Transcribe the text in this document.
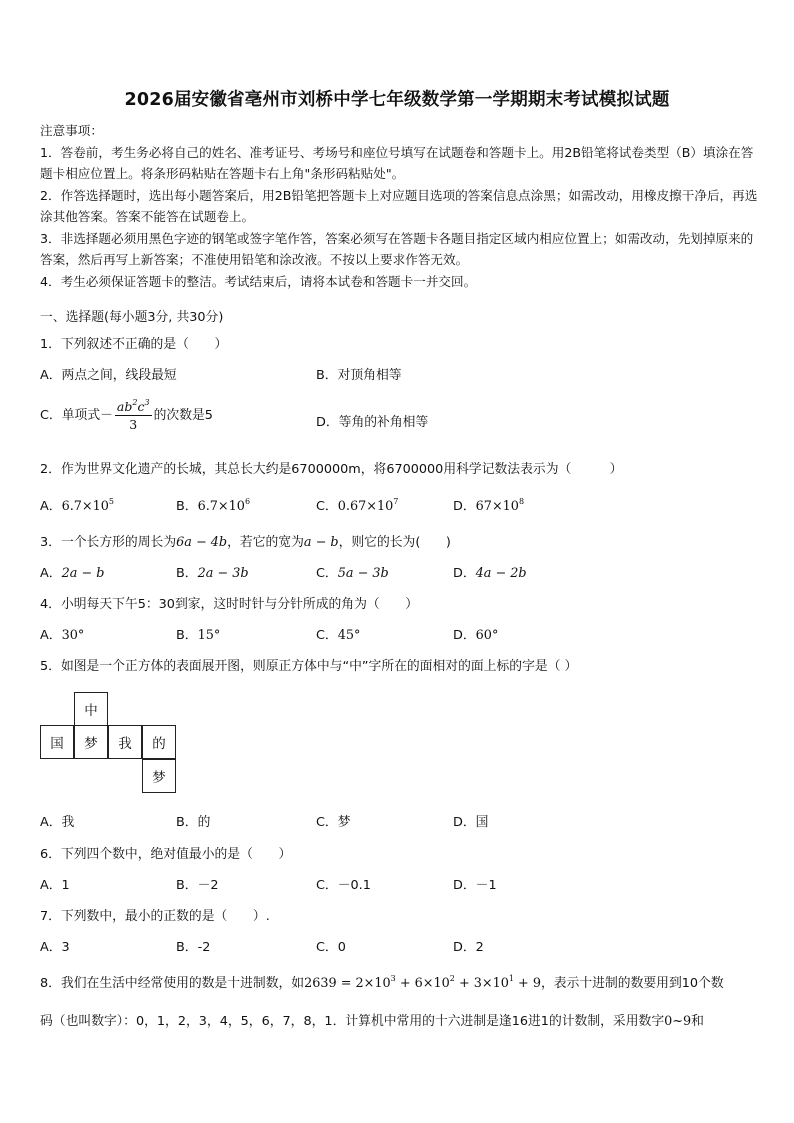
2026届安徽省亳州市刘桥中学七年级数学第一学期期末考试模拟试题

注意事项：

1．答卷前，考生务必将自己的姓名、准考证号、考场号和座位号填写在试题卷和答题卡上。用2B铅笔将试卷类型（B）填涂在答题卡相应位置上。将条形码粘贴在答题卡右上角"条形码粘贴处"。

2．作答选择题时，选出每小题答案后，用2B铅笔把答题卡上对应题目选项的答案信息点涂黑；如需改动，用橡皮擦干净后，再选涂其他答案。答案不能答在试题卷上。

3．非选择题必须用黑色字迹的钢笔或签字笔作答，答案必须写在答题卡各题目指定区域内相应位置上；如需改动，先划掉原来的答案，然后再写上新答案；不准使用铅笔和涂改液。不按以上要求作答无效。

4．考生必须保证答题卡的整洁。考试结束后，请将本试卷和答题卡一并交回。

一、选择题(每小题3分, 共30分)
1．下列叙述不正确的是（　　）
A．两点之间，线段最短	B．对顶角相等
C．单项式－ $\frac{ab^2c^3}{3}$ 的次数是5	D．等角的补角相等
2．作为世界文化遗产的长城，其总长大约是6700000m，将6700000用科学记数法表示为（　　　）
A．$6.7\times 10^5$	B．$6.7\times 10^6$	C．$0.67\times 10^7$	D．$67\times 10^8$
3．一个长方形的周长为6a − 4b，若它的宽为a − b，则它的长为(　　)
A．2a − b	B．2a − 3b	C．5a − 3b	D．4a − 2b
4．小明每天下午5：30到家，这时时针与分针所成的角为（　　）
A．30°	B．15°	C．45°	D．60°
5．如图是一个正方体的表面展开图，则原正方体中与“中”字所在的面相对的面上标的字是（ ）
中
国	梦	我	的
梦
A．我	B．的	C．梦	D．国
6．下列四个数中，绝对值最小的是（　　）
A．1	B．－2	C．－0.1	D．－1
7．下列数中，最小的正数的是（　　）.
A．3	B．-2	C．0	D．2
8．我们在生活中经常使用的数是十进制数，如$2639 = 2\times 10^3 + 6\times 10^2 + 3\times 10^1 + 9$，表示十进制的数要用到10个数
码（也叫数字）：0，1，2，3，4，5，6，7，8，1．计算机中常用的十六进制是逢16进1的计数制，采用数字0~9和
